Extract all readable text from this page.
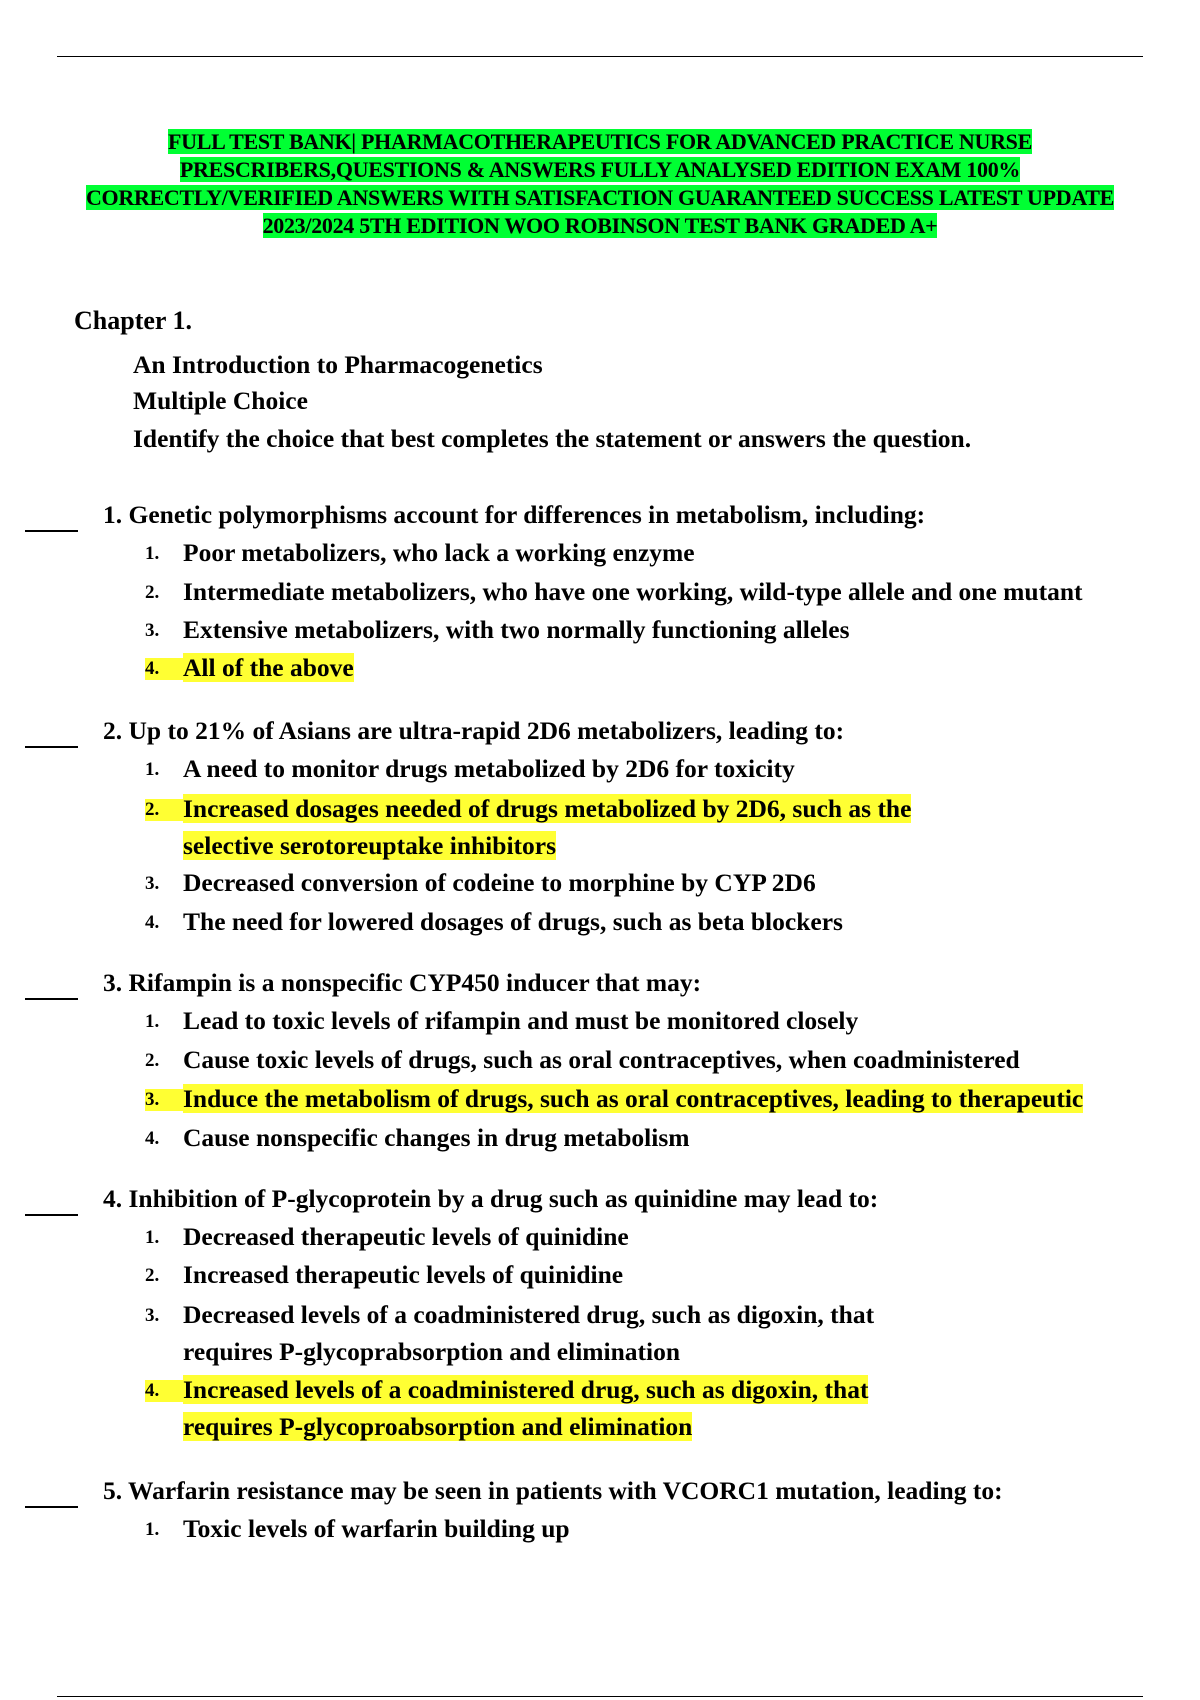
FULL TEST BANK| PHARMACOTHERAPEUTICS FOR ADVANCED PRACTICE NURSE
PRESCRIBERS,QUESTIONS & ANSWERS FULLY ANALYSED EDITION EXAM 100%
CORRECTLY/VERIFIED ANSWERS WITH SATISFACTION GUARANTEED SUCCESS LATEST UPDATE
2023/2024 5TH EDITION WOO ROBINSON TEST BANK GRADED A+
Chapter 1.
An Introduction to Pharmacogenetics
Multiple Choice
Identify the choice that best completes the statement or answers the question.
1. Genetic polymorphisms account for differences in metabolism, including:
1. Poor metabolizers, who lack a working enzyme
2. Intermediate metabolizers, who have one working, wild-type allele and one mutant
3. Extensive metabolizers, with two normally functioning alleles
4. All of the above
2. Up to 21% of Asians are ultra-rapid 2D6 metabolizers, leading to:
1. A need to monitor drugs metabolized by 2D6 for toxicity
2. Increased dosages needed of drugs metabolized by 2D6, such as the
selective serotoreuptake inhibitors
3. Decreased conversion of codeine to morphine by CYP 2D6
4. The need for lowered dosages of drugs, such as beta blockers
3. Rifampin is a nonspecific CYP450 inducer that may:
1. Lead to toxic levels of rifampin and must be monitored closely
2. Cause toxic levels of drugs, such as oral contraceptives, when coadministered
3. Induce the metabolism of drugs, such as oral contraceptives, leading to therapeutic
4. Cause nonspecific changes in drug metabolism
4. Inhibition of P-glycoprotein by a drug such as quinidine may lead to:
1. Decreased therapeutic levels of quinidine
2. Increased therapeutic levels of quinidine
3. Decreased levels of a coadministered drug, such as digoxin, that
requires P-glycoprabsorption and elimination
4. Increased levels of a coadministered drug, such as digoxin, that
requires P-glycoproabsorption and elimination
5. Warfarin resistance may be seen in patients with VCORC1 mutation, leading to:
1. Toxic levels of warfarin building up
